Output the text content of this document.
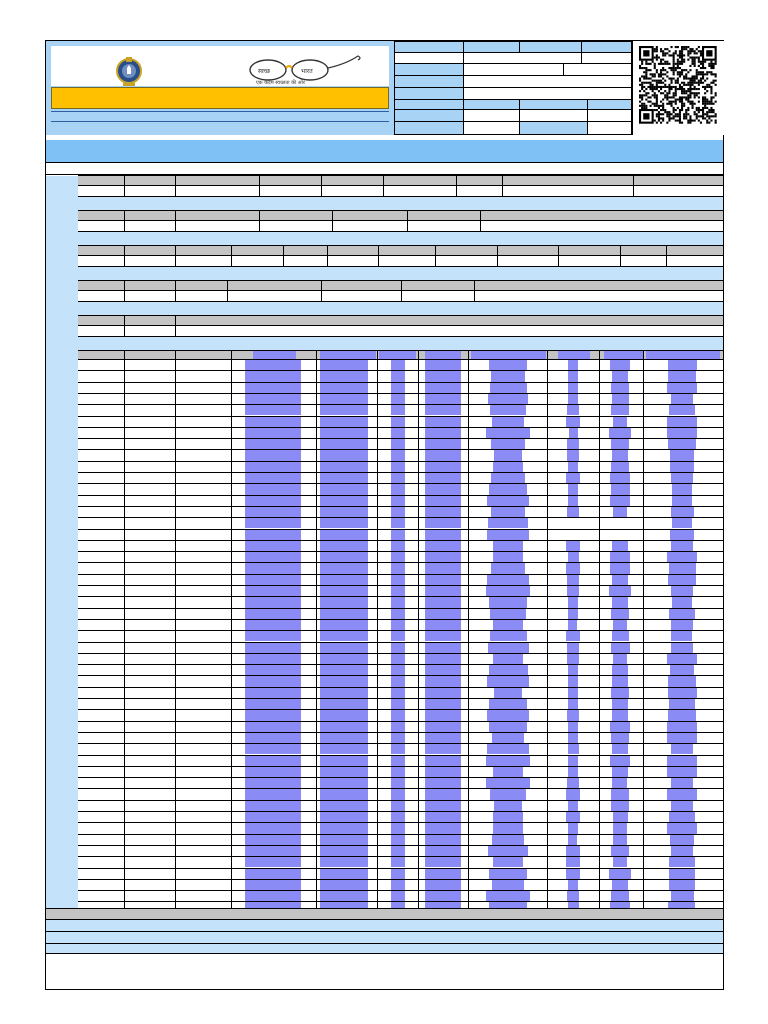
स्वच्छ	भारत
एक कदम स्वच्छता की ओर
